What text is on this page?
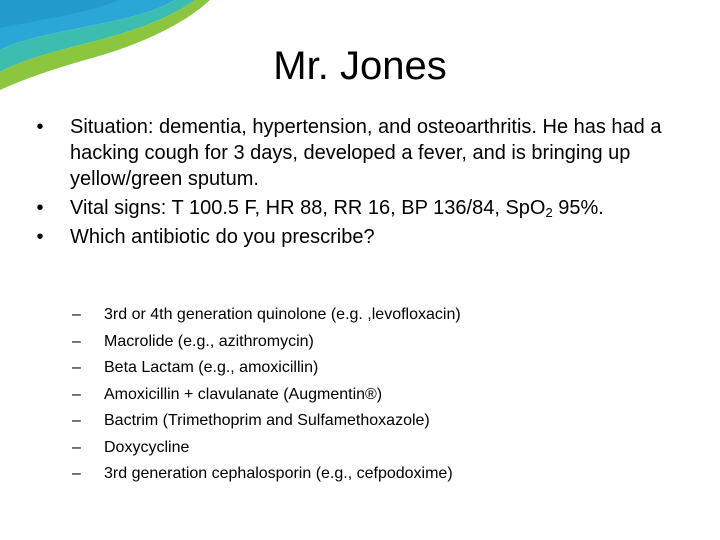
Mr. Jones
•	Situation: dementia, hypertension, and osteoarthritis. He has had a hacking cough for 3 days, developed a fever, and is bringing up yellow/green sputum.
•	Vital signs: T 100.5 F, HR 88, RR 16, BP 136/84, SpO$_2$ 95%.
•	Which antibiotic do you prescribe?
– 3rd or 4th generation quinolone (e.g. ,levofloxacin)
– Macrolide (e.g., azithromycin)
– Beta Lactam (e.g., amoxicillin)
– Amoxicillin + clavulanate (Augmentin®)
– Bactrim (Trimethoprim and Sulfamethoxazole)
– Doxycycline
– 3rd generation cephalosporin (e.g., cefpodoxime)
